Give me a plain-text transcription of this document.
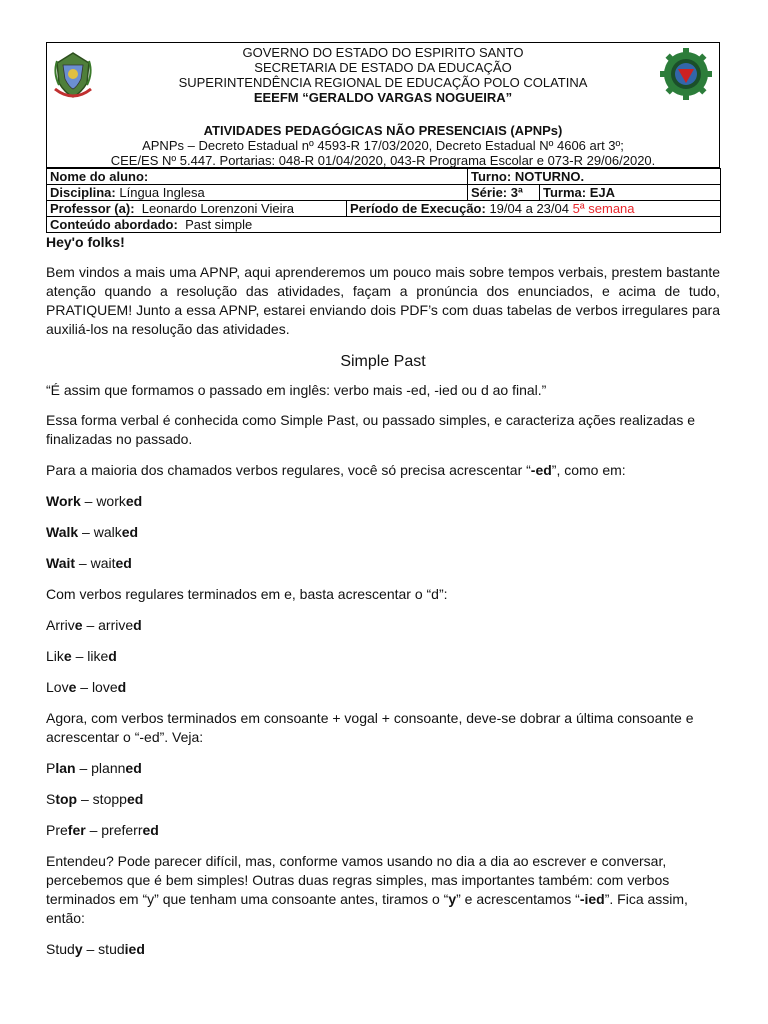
GOVERNO DO ESTADO DO ESPIRITO SANTO
SECRETARIA DE ESTADO DA EDUCAÇÃO
SUPERINTENDÊNCIA REGIONAL DE EDUCAÇÃO POLO COLATINA
EEEFM “GERALDO VARGAS NOGUEIRA”
ATIVIDADES PEDAGÓGICAS NÃO PRESENCIAIS (APNPs)
APNPs – Decreto Estadual nº 4593-R 17/03/2020, Decreto Estadual Nº 4606 art 3º;
CEE/ES Nº 5.447. Portarias: 048-R 01/04/2020, 043-R Programa Escolar e 073-R 29/06/2020.
Nome do aluno:		Turno: NOTURNO.	
Disciplina: Língua Inglesa		Série: 3ª	Turma: EJA
Professor (a): Leonardo Lorenzoni Vieira	Período de Execução: 19/04 a 23/04 5ª semana		
Conteúdo abordado: Past simple			

Hey'o folks!

Bem vindos a mais uma APNP, aqui aprenderemos um pouco mais sobre tempos verbais, prestem bastante atenção quando a resolução das atividades, façam a pronúncia dos enunciados, e acima de tudo, PRATIQUEM! Junto a essa APNP, estarei enviando dois PDF’s com duas tabelas de verbos irregulares para auxiliá-los na resolução das atividades.

Simple Past

“É assim que formamos o passado em inglês: verbo mais -ed, -ied ou d ao final.”

Essa forma verbal é conhecida como Simple Past, ou passado simples, e caracteriza ações realizadas e finalizadas no passado.

Para a maioria dos chamados verbos regulares, você só precisa acrescentar “-ed”, como em:

Work – worked

Walk – walked

Wait – waited

Com verbos regulares terminados em e, basta acrescentar o “d”:

Arrive – arrived

Like – liked

Love – loved

Agora, com verbos terminados em consoante + vogal + consoante, deve-se dobrar a última consoante e acrescentar o “-ed”. Veja:

Plan – planned

Stop – stopped

Prefer – preferred

Entendeu? Pode parecer difícil, mas, conforme vamos usando no dia a dia ao escrever e conversar, percebemos que é bem simples! Outras duas regras simples, mas importantes também: com verbos terminados em “y” que tenham uma consoante antes, tiramos o “y” e acrescentamos “-ied”. Fica assim, então:

Study – studied
